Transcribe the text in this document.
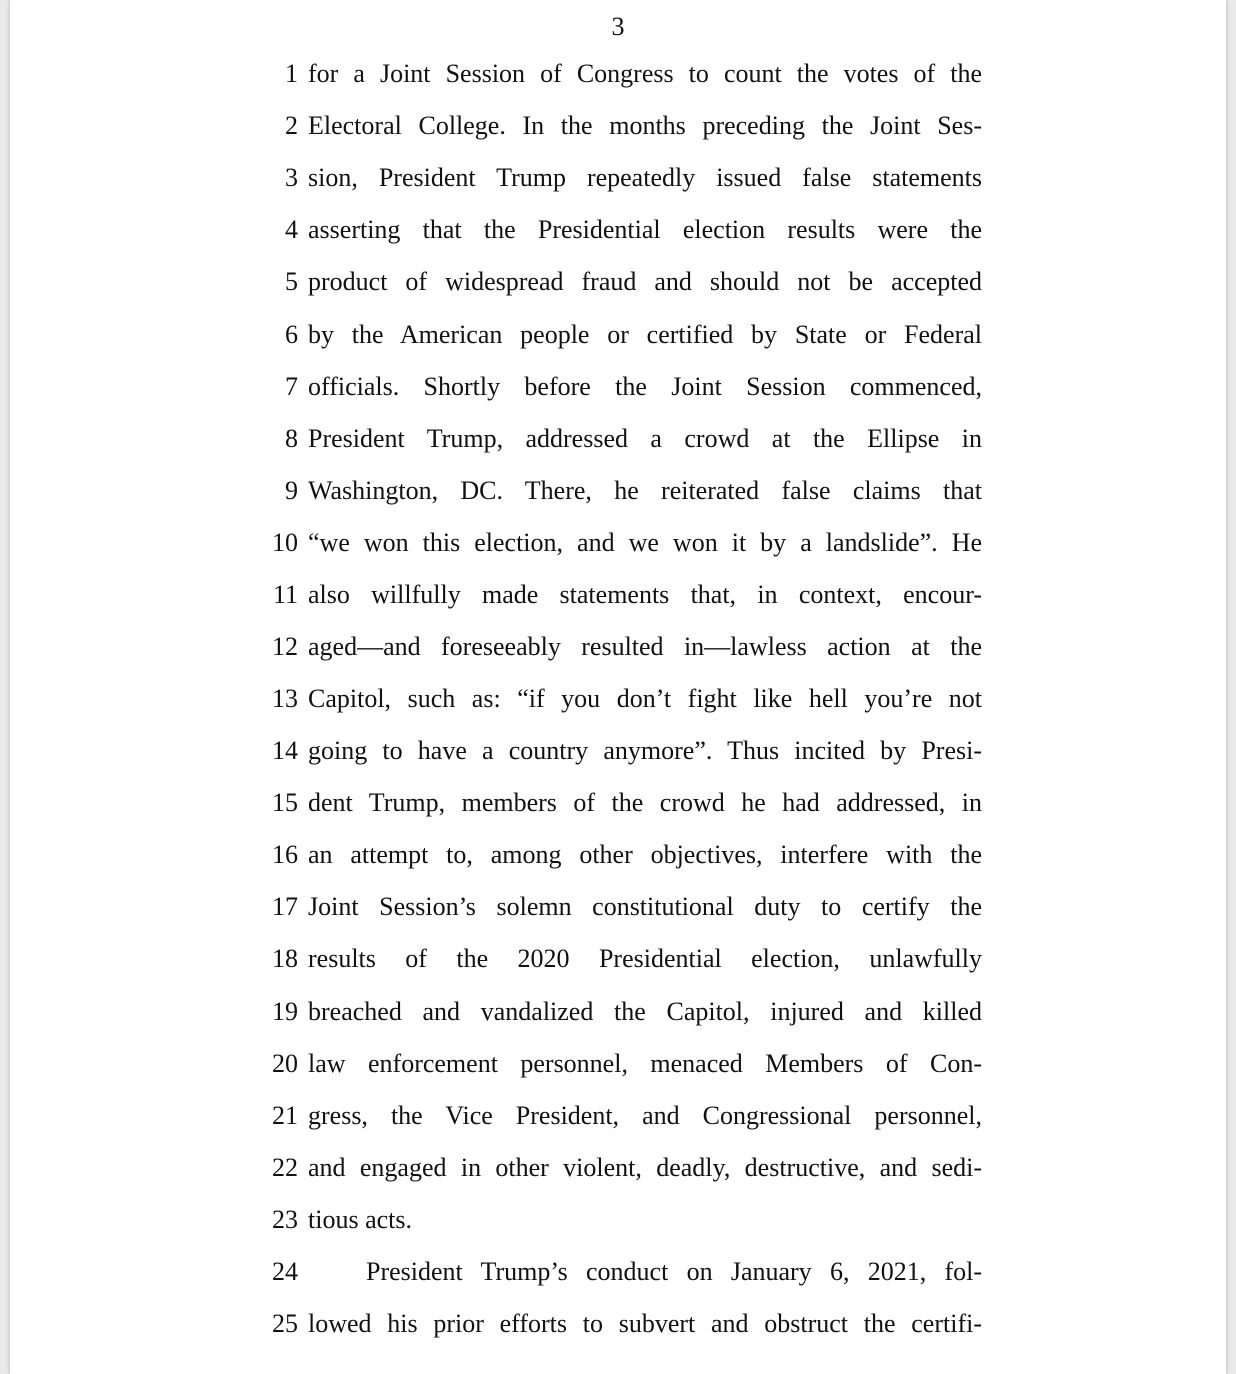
3
1 for a Joint Session of Congress to count the votes of the
2 Electoral College. In the months preceding the Joint Ses-
3 sion, President Trump repeatedly issued false statements
4 asserting that the Presidential election results were the
5 product of widespread fraud and should not be accepted
6 by the American people or certified by State or Federal
7 officials. Shortly before the Joint Session commenced,
8 President Trump, addressed a crowd at the Ellipse in
9 Washington, DC. There, he reiterated false claims that
10 “we won this election, and we won it by a landslide”. He
11 also willfully made statements that, in context, encour-
12 aged—and foreseeably resulted in—lawless action at the
13 Capitol, such as: “if you don’t fight like hell you’re not
14 going to have a country anymore”. Thus incited by Presi-
15 dent Trump, members of the crowd he had addressed, in
16 an attempt to, among other objectives, interfere with the
17 Joint Session’s solemn constitutional duty to certify the
18 results of the 2020 Presidential election, unlawfully
19 breached and vandalized the Capitol, injured and killed
20 law enforcement personnel, menaced Members of Con-
21 gress, the Vice President, and Congressional personnel,
22 and engaged in other violent, deadly, destructive, and sedi-
23 tious acts.
24	President Trump’s conduct on January 6, 2021, fol-
25 lowed his prior efforts to subvert and obstruct the certifi-
